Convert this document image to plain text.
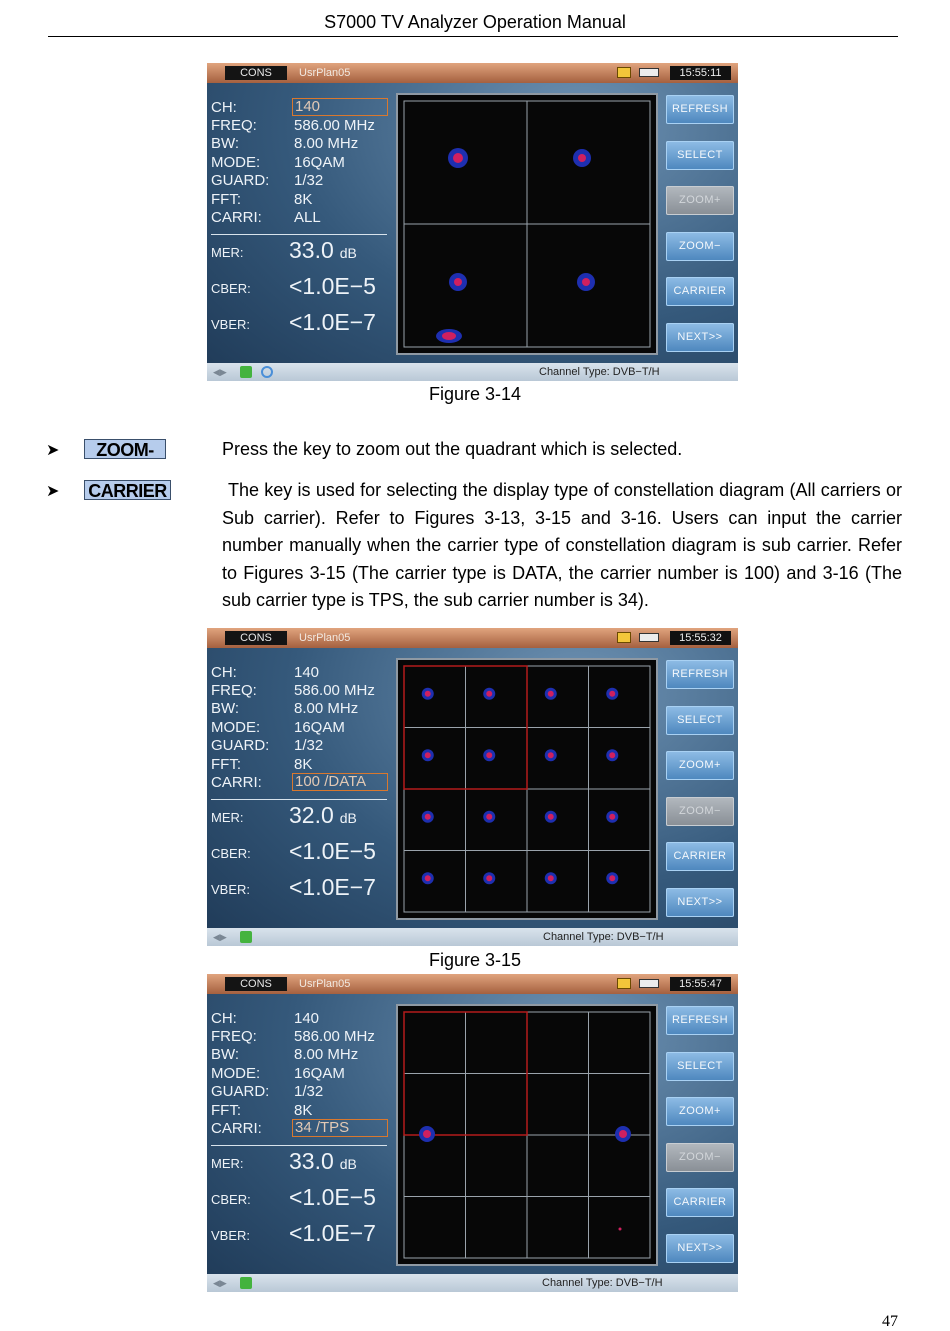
S7000 TV Analyzer Operation Manual
CONS	UsrPlan05	15:55:11
CH:	140
FREQ: 586.00 MHz
BW:	8.00 MHz
MODE: 16QAM
GUARD: 1/32
FFT:	8K
CARRI: ALL
MER: 33.0 dB
CBER: <1.0E−5
VBER: <1.0E−7
REFRESH
SELECT
ZOOM+
ZOOM−
CARRIER
NEXT>>
◀▶	Channel Type: DVB−T/H
Figure 3-14
➤	ZOOM-	Press the key to zoom out the quadrant which is selected.
➤ CARRIER	The key is used for selecting the display type of constellation diagram (All carriers or Sub carrier). Refer to Figures 3-13, 3-15 and 3-16. Users can input the carrier number manually when the carrier type of constellation diagram is sub carrier. Refer to Figures 3-15 (The carrier type is DATA, the carrier number is 100) and 3-16 (The sub carrier type is TPS, the sub carrier number is 34).
CONS	UsrPlan05	15:55:32
CH:	140
FREQ: 586.00 MHz
BW:	8.00 MHz
MODE: 16QAM
GUARD: 1/32
FFT:	8K
CARRI: 100 /DATA
MER: 32.0 dB
CBER: <1.0E−5
VBER: <1.0E−7
REFRESH
SELECT
ZOOM+
ZOOM−
CARRIER
NEXT>>
◀▶	Channel Type: DVB−T/H
Figure 3-15
CONS	UsrPlan05	15:55:47
CH:	140
FREQ: 586.00 MHz
BW:	8.00 MHz
MODE: 16QAM
GUARD: 1/32
FFT:	8K
CARRI: 34 /TPS
MER: 33.0 dB
CBER: <1.0E−5
VBER: <1.0E−7
REFRESH
SELECT
ZOOM+
ZOOM−
CARRIER
NEXT>>
◀▶	Channel Type: DVB−T/H
47
